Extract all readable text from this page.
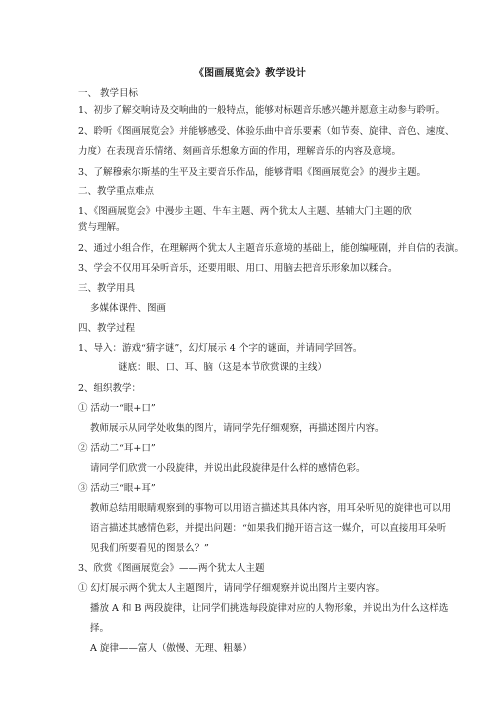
《图画展览会》教学设计
一、 教学目标
1、初步了解交响诗及交响曲的一般特点，能够对标题音乐感兴趣并愿意主动参与聆听。
2、聆听《图画展览会》并能够感受、体验乐曲中音乐要素（如节奏、旋律、音色、速度、
力度）在表现音乐情绪、刻画音乐想象方面的作用，理解音乐的内容及意境。
3、了解穆索尔斯基的生平及主要音乐作品，能够背唱《图画展览会》的漫步主题。
二、教学重点难点
1、《图画展览会》中漫步主题、牛车主题、两个犹太人主题、基辅大门主题的欣
赏与理解。
2、通过小组合作，在理解两个犹太人主题音乐意境的基础上，能创编哑剧，并自信的表演。
3、学会不仅用耳朵听音乐，还要用眼、用口、用脑去把音乐形象加以糅合。
三、教学用具
多媒体课件、图画
四、教学过程
1、导入：游戏“猜字谜”，幻灯展示 4 个字的谜面，并请同学回答。
谜底：眼、口、耳、脑（这是本节欣赏课的主线）
2、组织教学：
① 活动一“眼+口”
教师展示从同学处收集的图片，请同学先仔细观察，再描述图片内容。
② 活动二“耳+口”
请同学们欣赏一小段旋律，并说出此段旋律是什么样的感情色彩。
③ 活动三“眼+耳”
教师总结用眼睛观察到的事物可以用语言描述其具体内容，用耳朵听见的旋律也可以用
语言描述其感情色彩，并提出问题：“如果我们抛开语言这一媒介，可以直接用耳朵听
见我们所要看见的图景么？”
3、欣赏《图画展览会》——两个犹太人主题
① 幻灯展示两个犹太人主题图片，请同学仔细观察并说出图片主要内容。
播放 A 和 B 两段旋律，让同学们挑选每段旋律对应的人物形象，并说出为什么这样选
择。
A 旋律——富人（傲慢、无理、粗暴）
